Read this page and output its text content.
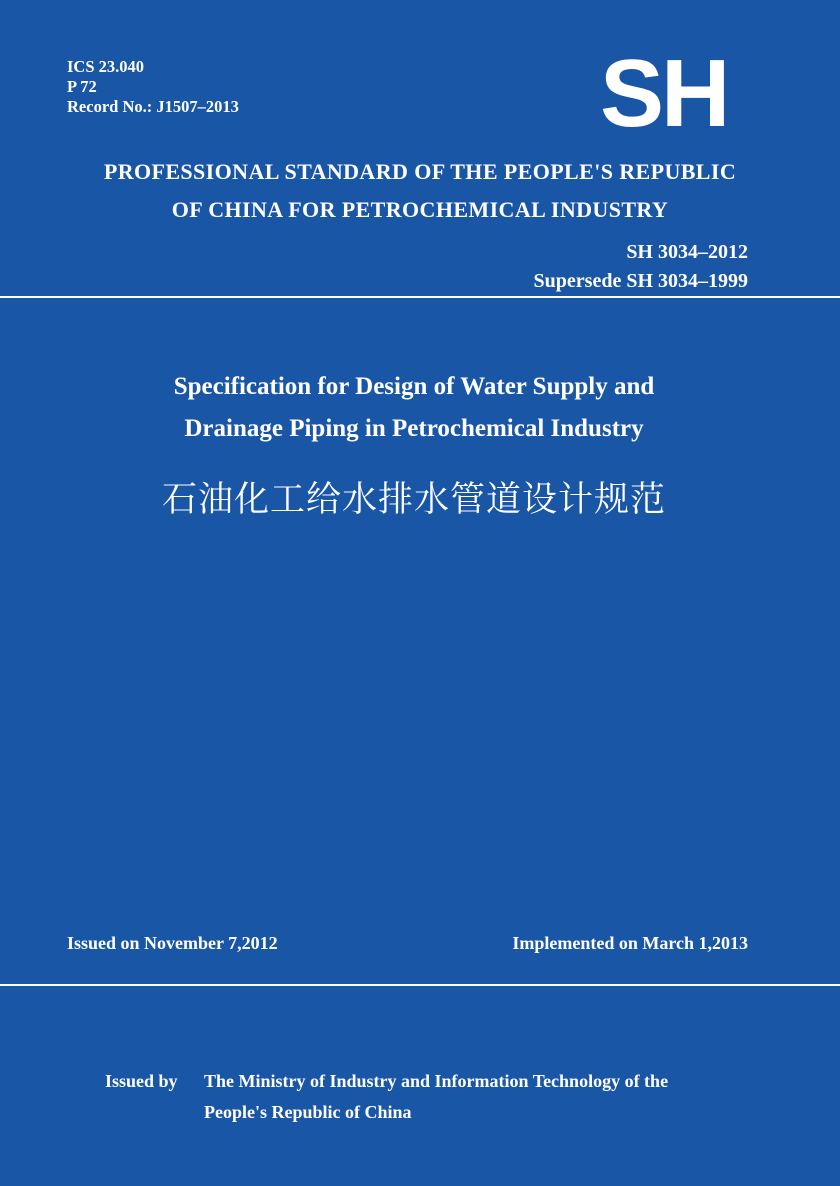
ICS 23.040
P 72
Record No.: J1507–2013	SH
PROFESSIONAL STANDARD OF THE PEOPLE'S REPUBLIC
OF CHINA FOR PETROCHEMICAL INDUSTRY
SH 3034–2012
Supersede SH 3034–1999
Specification for Design of Water Supply and
Drainage Piping in Petrochemical Industry
石油化工给水排水管道设计规范
Issued on November 7,2012	Implemented on March 1,2013
Issued by The Ministry of Industry and Information Technology of the
People's Republic of China
